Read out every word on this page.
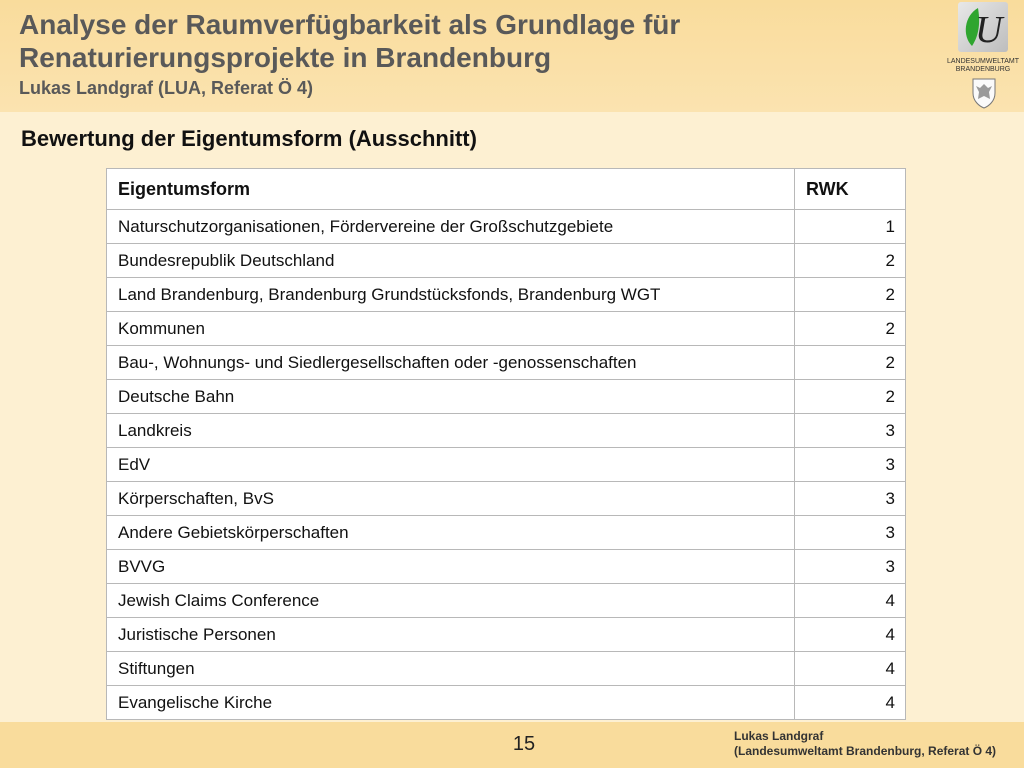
Analyse der Raumverfügbarkeit als Grundlage für Renaturierungsprojekte in Brandenburg
Lukas Landgraf (LUA, Referat Ö 4)
U
LANDESUMWELTAMT
BRANDENBURG
Bewertung der Eigentumsform (Ausschnitt)
Eigentumsform	RWK
Naturschutzorganisationen, Fördervereine der Großschutzgebiete	1
Bundesrepublik Deutschland	2
Land Brandenburg, Brandenburg Grundstücksfonds, Brandenburg WGT	2
Kommunen	2
Bau-, Wohnungs- und Siedlergesellschaften oder -genossenschaften	2
Deutsche Bahn	2
Landkreis	3
EdV	3
Körperschaften, BvS	3
Andere Gebietskörperschaften	3
BVVG	3
Jewish Claims Conference	4
Juristische Personen	4
Stiftungen	4
Evangelische Kirche	4
15	Lukas Landgraf
(Landesumweltamt Brandenburg, Referat Ö 4)
